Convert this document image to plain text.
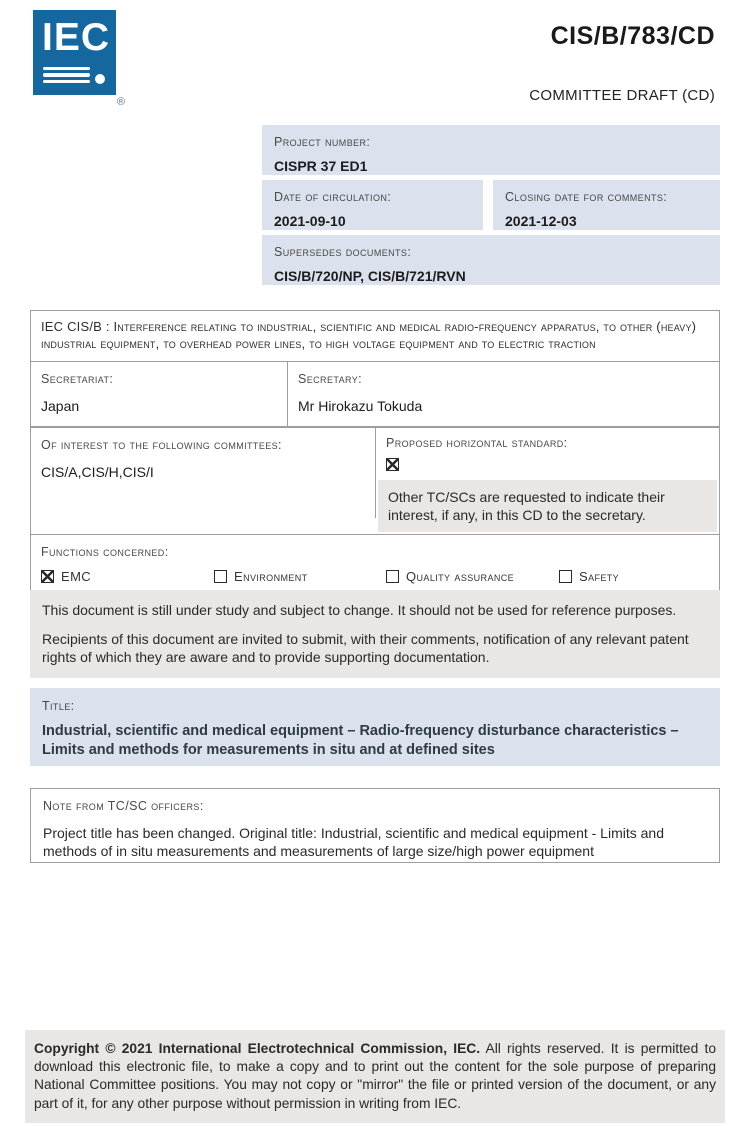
IEC
®
CIS/B/783/CD
COMMITTEE DRAFT (CD)
Project number:
CISPR 37 ED1
Date of circulation:
2021-09-10
Closing date for comments:
2021-12-03
Supersedes documents:
CIS/B/720/NP, CIS/B/721/RVN
IEC CIS/B : Interference relating to industrial, scientific and medical radio-frequency apparatus, to other (heavy) industrial equipment, to overhead power lines, to high voltage equipment and to electric traction
Secretariat:
Japan
Secretary:
Mr Hirokazu Tokuda
Of interest to the following committees:
CIS/A,CIS/H,CIS/I
Proposed horizontal standard:
Other TC/SCs are requested to indicate their interest, if any, in this CD to the secretary.
Functions concerned:
EMC	Environment	Quality assurance	Safety

This document is still under study and subject to change. It should not be used for reference purposes.

Recipients of this document are invited to submit, with their comments, notification of any relevant patent rights of which they are aware and to provide supporting documentation.

Title:
Industrial, scientific and medical equipment – Radio-frequency disturbance characteristics – Limits and methods for measurements in situ and at defined sites
Note from TC/SC officers:
Project title has been changed. Original title: Industrial, scientific and medical equipment - Limits and methods of in situ measurements and measurements of large size/high power equipment

Copyright © 2021 International Electrotechnical Commission, IEC. All rights reserved. It is permitted to download this electronic file, to make a copy and to print out the content for the sole purpose of preparing National Committee positions. You may not copy or "mirror" the file or printed version of the document, or any part of it, for any other purpose without permission in writing from IEC.
